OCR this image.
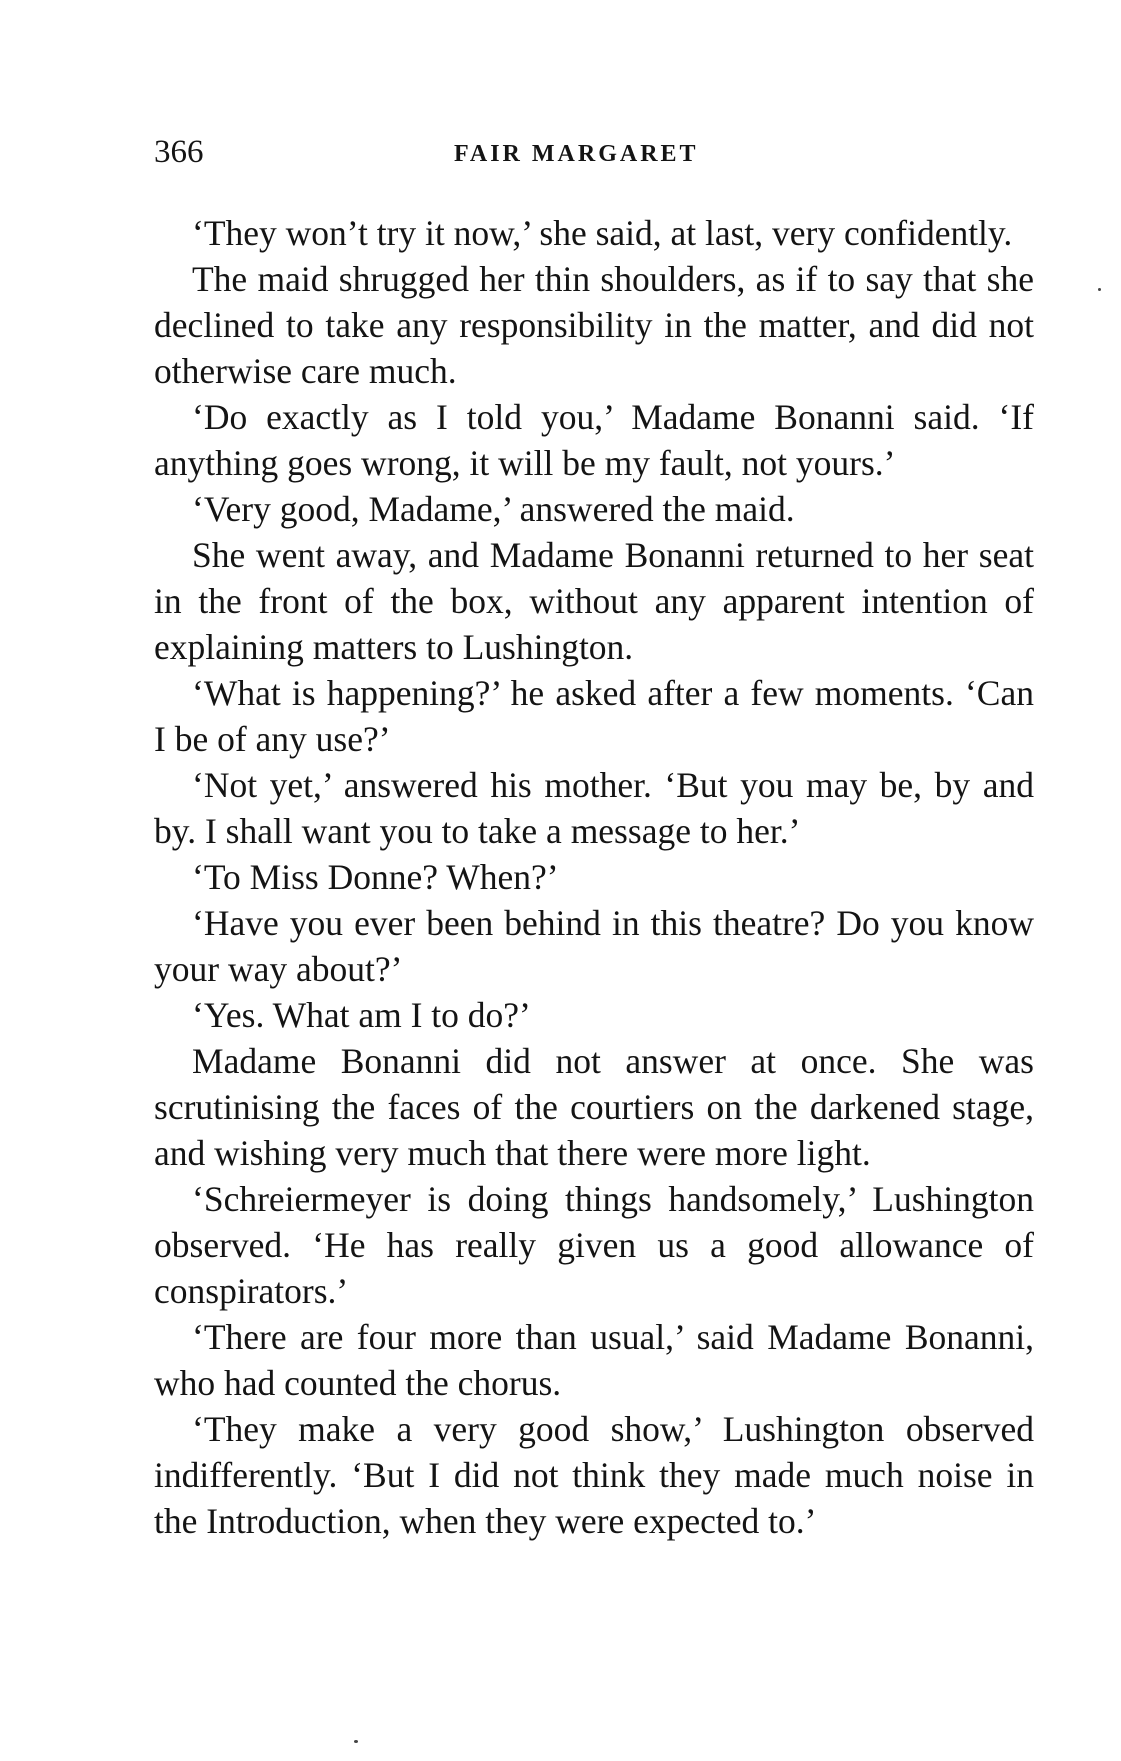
366	FAIR MARGARET

‘They won’t try it now,’ she said, at last, very confidently.

The maid shrugged her thin shoulders, as if to say that she declined to take any responsibility in the matter, and did not otherwise care much.

‘Do exactly as I told you,’ Madame Bonanni said. ‘If anything goes wrong, it will be my fault, not yours.’

‘Very good, Madame,’ answered the maid.

She went away, and Madame Bonanni returned to her seat in the front of the box, without any apparent intention of explaining matters to Lushington.

‘What is happening?’ he asked after a few moments. ‘Can I be of any use?’

‘Not yet,’ answered his mother. ‘But you may be, by and by. I shall want you to take a message to her.’

‘To Miss Donne? When?’

‘Have you ever been behind in this theatre? Do you know your way about?’

‘Yes. What am I to do?’

Madame Bonanni did not answer at once. She was scrutinising the faces of the courtiers on the darkened stage, and wishing very much that there were more light.

‘Schreiermeyer is doing things handsomely,’ Lushington observed. ‘He has really given us a good allowance of conspirators.’

‘There are four more than usual,’ said Madame Bonanni, who had counted the chorus.

‘They make a very good show,’ Lushington observed indifferently. ‘But I did not think they made much noise in the Introduction, when they were expected to.’
